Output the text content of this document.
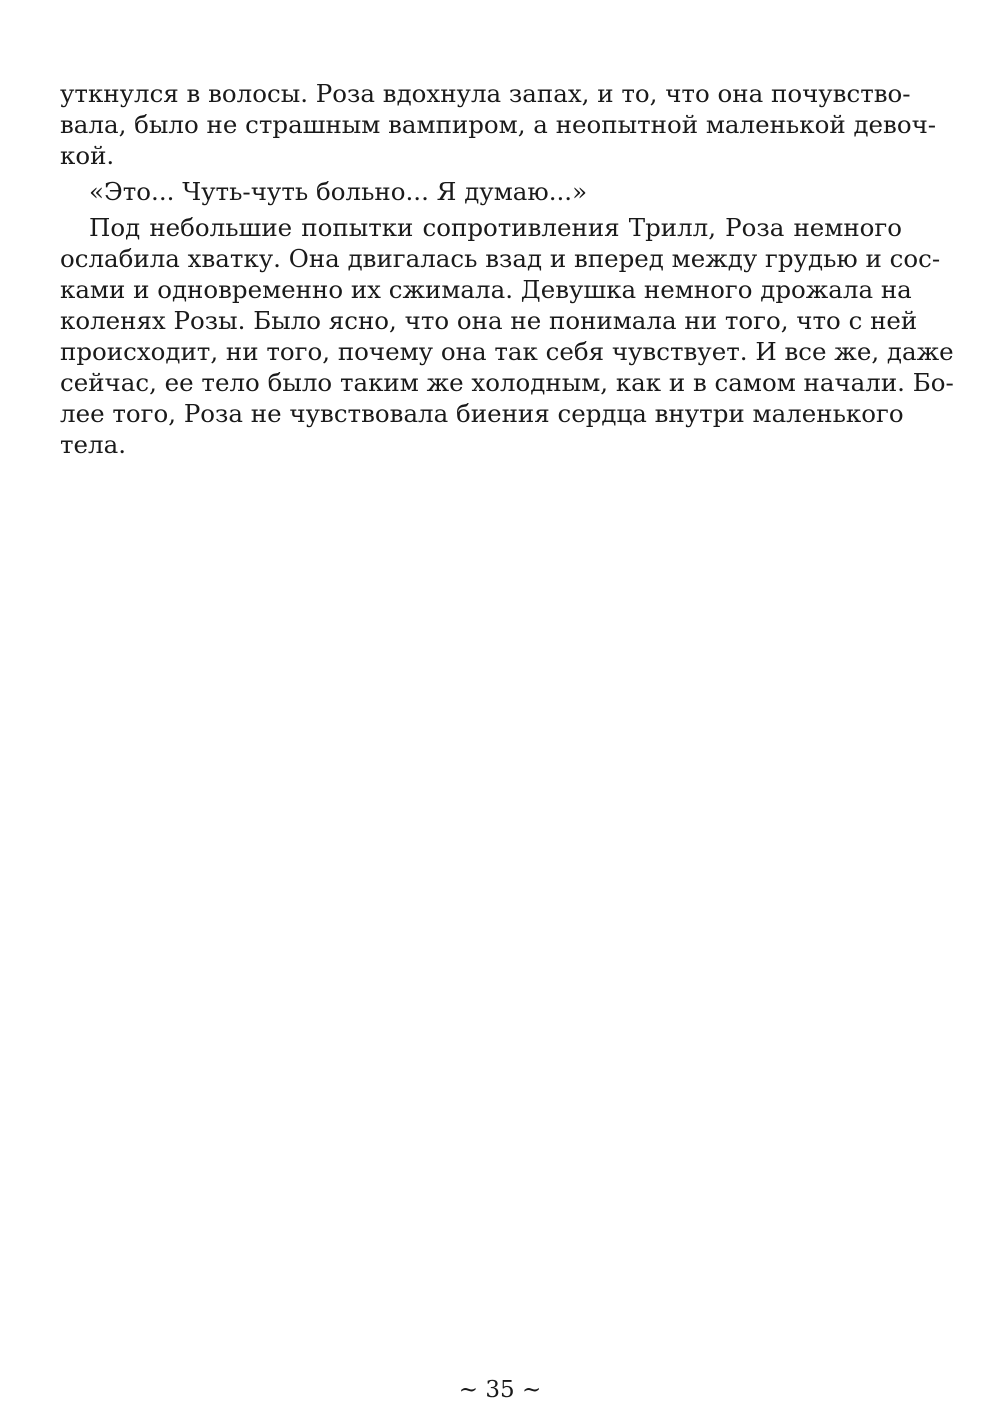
уткнулся в волосы. Роза вдохнула запах, и то, что она почувство-
вала, было не страшным вампиром, а неопытной маленькой девоч-
кой.
«Это... Чуть-чуть больно... Я думаю...»
Под небольшие попытки сопротивления Трилл, Роза немного
ослабила хватку. Она двигалась взад и вперед между грудью и сос-
ками и одновременно их сжимала. Девушка немного дрожала на
коленях Розы. Было ясно, что она не понимала ни того, что с ней
происходит, ни того, почему она так себя чувствует. И все же, даже
сейчас, ее тело было таким же холодным, как и в самом начали. Бо-
лее того, Роза не чувствовала биения сердца внутри маленького
тела.
~ 35 ~
